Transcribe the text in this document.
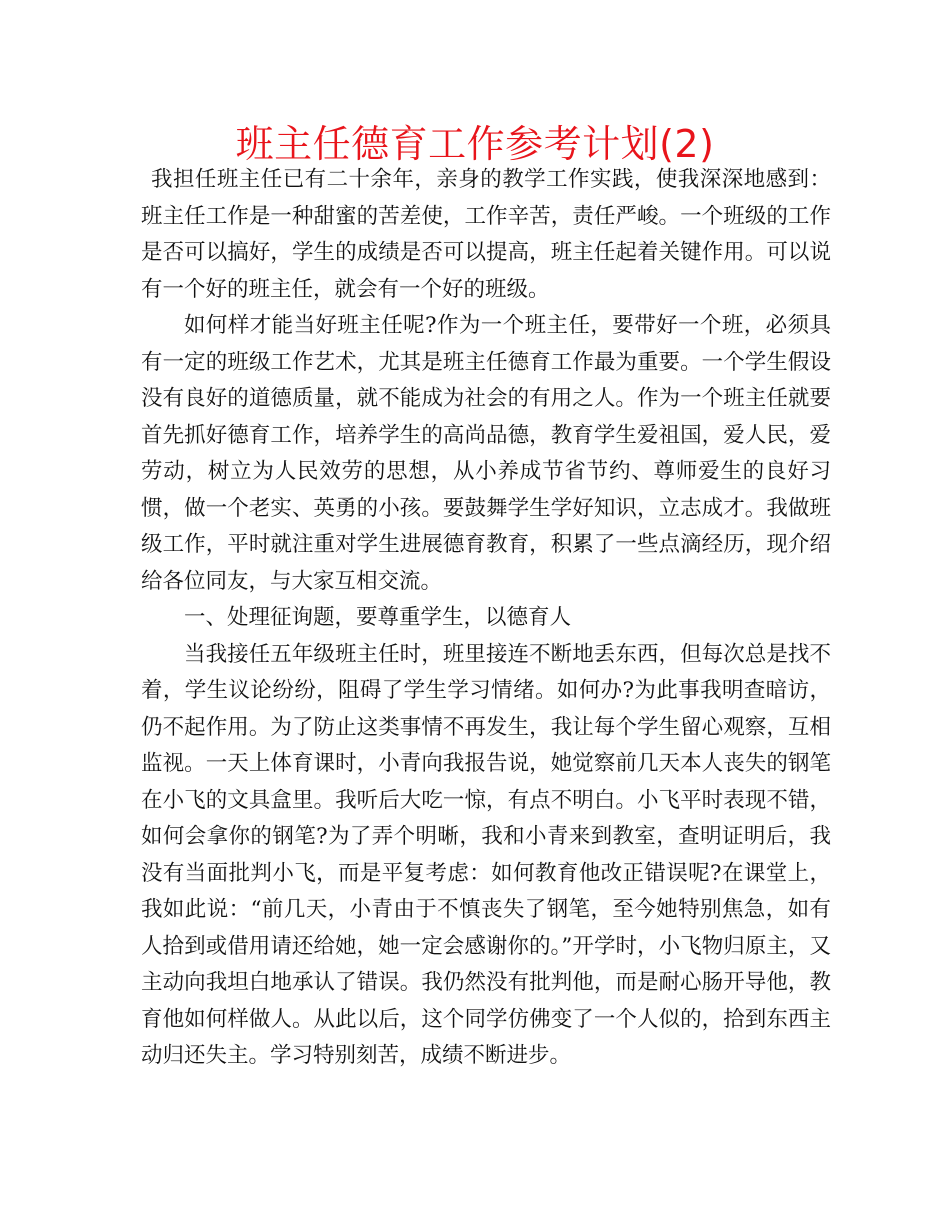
班主任德育工作参考计划(2)

我担任班主任已有二十余年，亲身的教学工作实践，使我深深地感到：班主任工作是一种甜蜜的苦差使，工作辛苦，责任严峻。一个班级的工作是否可以搞好，学生的成绩是否可以提高，班主任起着关键作用。可以说有一个好的班主任，就会有一个好的班级。

如何样才能当好班主任呢?作为一个班主任，要带好一个班，必须具有一定的班级工作艺术，尤其是班主任德育工作最为重要。一个学生假设没有良好的道德质量，就不能成为社会的有用之人。作为一个班主任就要首先抓好德育工作，培养学生的高尚品德，教育学生爱祖国，爱人民，爱劳动，树立为人民效劳的思想，从小养成节省节约、尊师爱生的良好习惯，做一个老实、英勇的小孩。要鼓舞学生学好知识，立志成才。我做班级工作，平时就注重对学生进展德育教育，积累了一些点滴经历，现介绍给各位同友，与大家互相交流。

一、处理征询题，要尊重学生，以德育人

当我接任五年级班主任时，班里接连不断地丢东西，但每次总是找不着，学生议论纷纷，阻碍了学生学习情绪。如何办?为此事我明查暗访，仍不起作用。为了防止这类事情不再发生，我让每个学生留心观察，互相监视。一天上体育课时，小青向我报告说，她觉察前几天本人丧失的钢笔在小飞的文具盒里。我听后大吃一惊，有点不明白。小飞平时表现不错，如何会拿你的钢笔?为了弄个明晰，我和小青来到教室，查明证明后，我没有当面批判小飞，而是平复考虑：如何教育他改正错误呢?在课堂上，我如此说：“前几天，小青由于不慎丧失了钢笔，至今她特别焦急，如有人拾到或借用请还给她，她一定会感谢你的。”开学时，小飞物归原主，又主动向我坦白地承认了错误。我仍然没有批判他，而是耐心肠开导他，教育他如何样做人。从此以后，这个同学仿佛变了一个人似的，拾到东西主动归还失主。学习特别刻苦，成绩不断进步。
